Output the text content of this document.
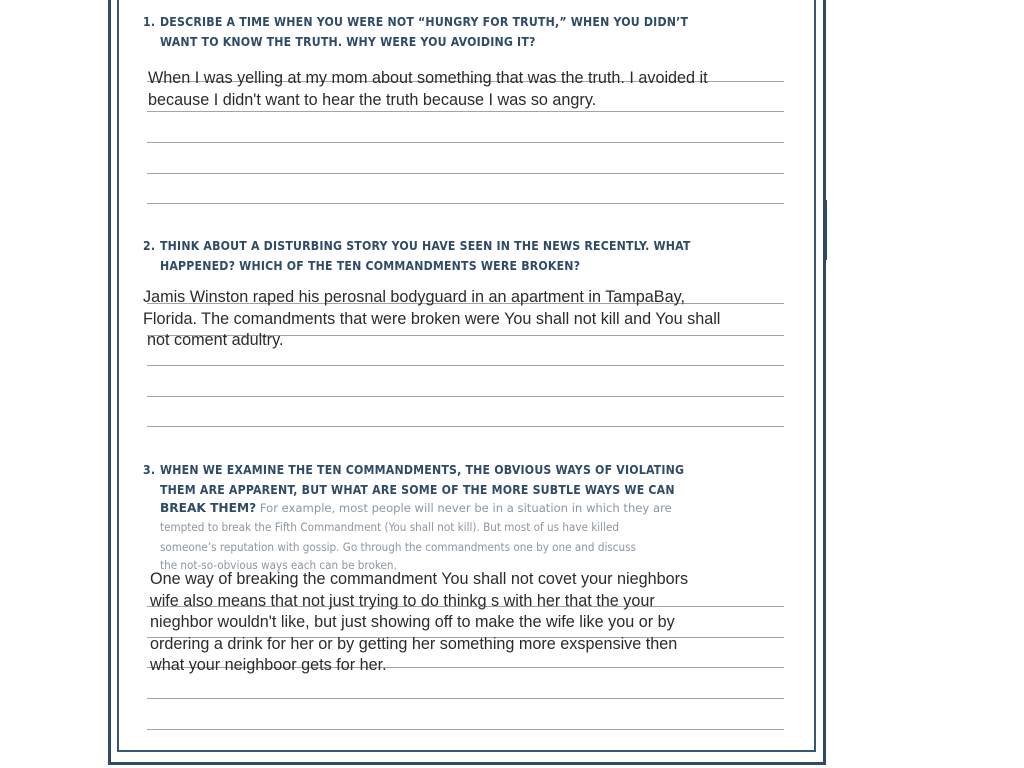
1. DESCRIBE A TIME WHEN YOU WERE NOT “HUNGRY FOR TRUTH,” WHEN YOU DIDN’T
WANT TO KNOW THE TRUTH. WHY WERE YOU AVOIDING IT?
When I was yelling at my mom about something that was the truth. I avoided it
because I didn't want to hear the truth because I was so angry.
2. THINK ABOUT A DISTURBING STORY YOU HAVE SEEN IN THE NEWS RECENTLY. WHAT
HAPPENED? WHICH OF THE TEN COMMANDMENTS WERE BROKEN?
Jamis Winston raped his perosnal bodyguard in an apartment in TampaBay,
Florida. The comandments that were broken were You shall not kill and You shall
not coment adultry.
3. WHEN WE EXAMINE THE TEN COMMANDMENTS, THE OBVIOUS WAYS OF VIOLATING
THEM ARE APPARENT, BUT WHAT ARE SOME OF THE MORE SUBTLE WAYS WE CAN
BREAK THEM? For example, most people will never be in a situation in which they are
tempted to break the Fifth Commandment (You shall not kill). But most of us have killed
someone’s reputation with gossip. Go through the commandments one by one and discuss
the not-so-obvious ways each can be broken.
One way of breaking the commandment You shall not covet your nieghbors
wife also means that not just trying to do thinkg s with her that the your
nieghbor wouldn't like, but just showing off to make the wife like you or by
ordering a drink for her or by getting her something more exspensive then
what your neighboor gets for her.
